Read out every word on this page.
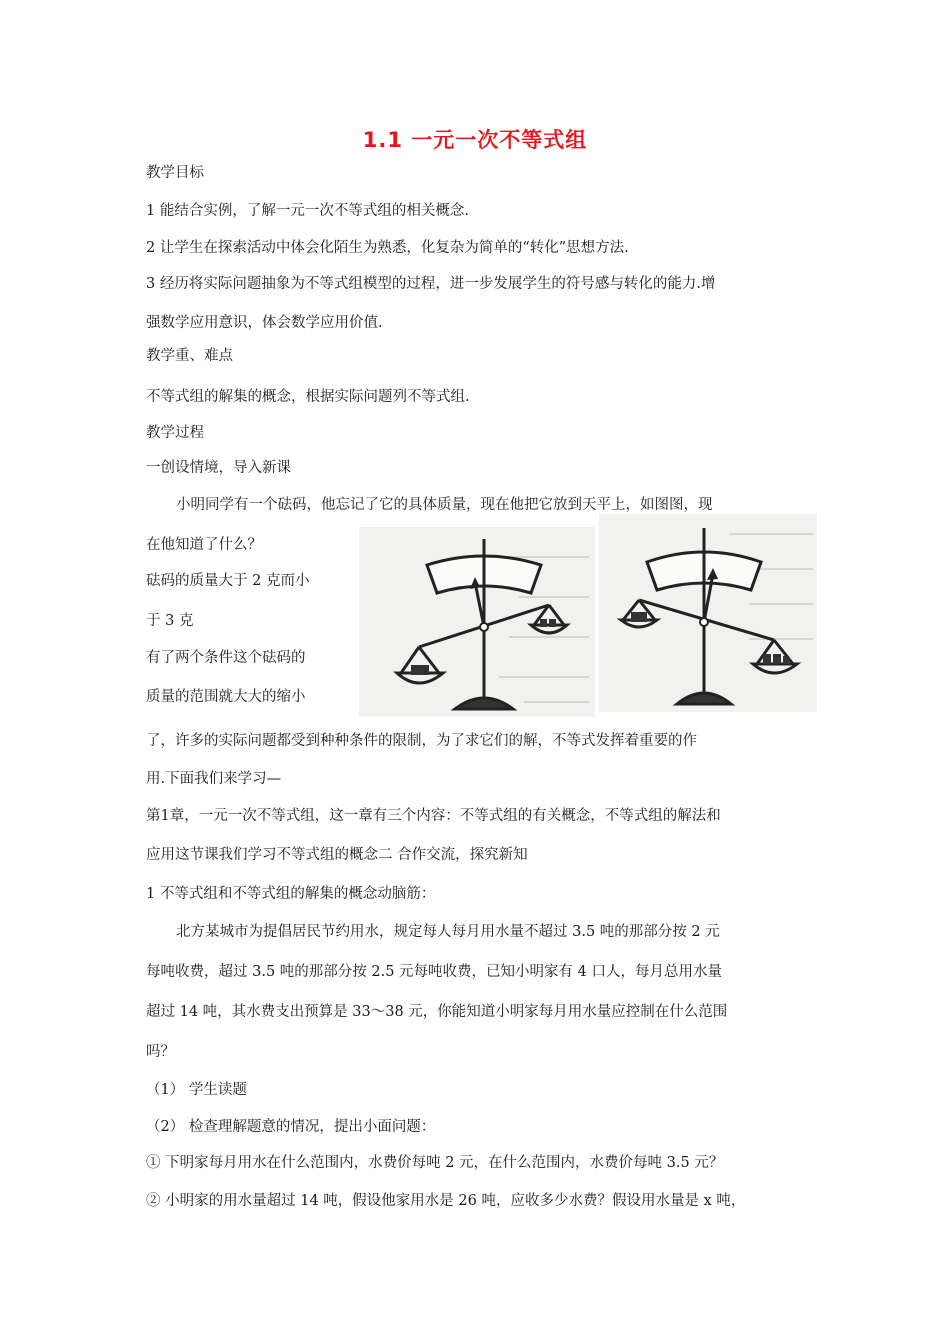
1.1 一元一次不等式组
教学目标
1 能结合实例，了解一元一次不等式组的相关概念.
2 让学生在探索活动中体会化陌生为熟悉，化复杂为简单的“转化”思想方法.
3 经历将实际问题抽象为不等式组模型的过程，进一步发展学生的符号感与转化的能力.增
强数学应用意识，体会数学应用价值.
教学重、难点
不等式组的解集的概念，根据实际问题列不等式组.
教学过程
一创设情境，导入新课
小明同学有一个砝码，他忘记了它的具体质量，现在他把它放到天平上，如图图，现
在他知道了什么？
砝码的质量大于 2 克而小
于 3 克
有了两个条件这个砝码的
质量的范围就大大的缩小
了，许多的实际问题都受到种种条件的限制，为了求它们的解，不等式发挥着重要的作
用.下面我们来学习—
第1章，一元一次不等式组，这一章有三个内容：不等式组的有关概念，不等式组的解法和
应用这节课我们学习不等式组的概念二 合作交流，探究新知
1 不等式组和不等式组的解集的概念动脑筋：
北方某城市为提倡居民节约用水，规定每人每月用水量不超过 3.5 吨的那部分按 2 元
每吨收费，超过 3.5 吨的那部分按 2.5 元每吨收费，已知小明家有 4 口人，每月总用水量
超过 14 吨，其水费支出预算是 33～38 元，你能知道小明家每月用水量应控制在什么范围
吗？
（1） 学生读题
（2） 检查理解题意的情况，提出小面问题：
① 下明家每月用水在什么范围内，水费价每吨 2 元，在什么范围内，水费价每吨 3.5 元？
② 小明家的用水量超过 14 吨，假设他家用水是 26 吨，应收多少水费？假设用水量是 x 吨，
